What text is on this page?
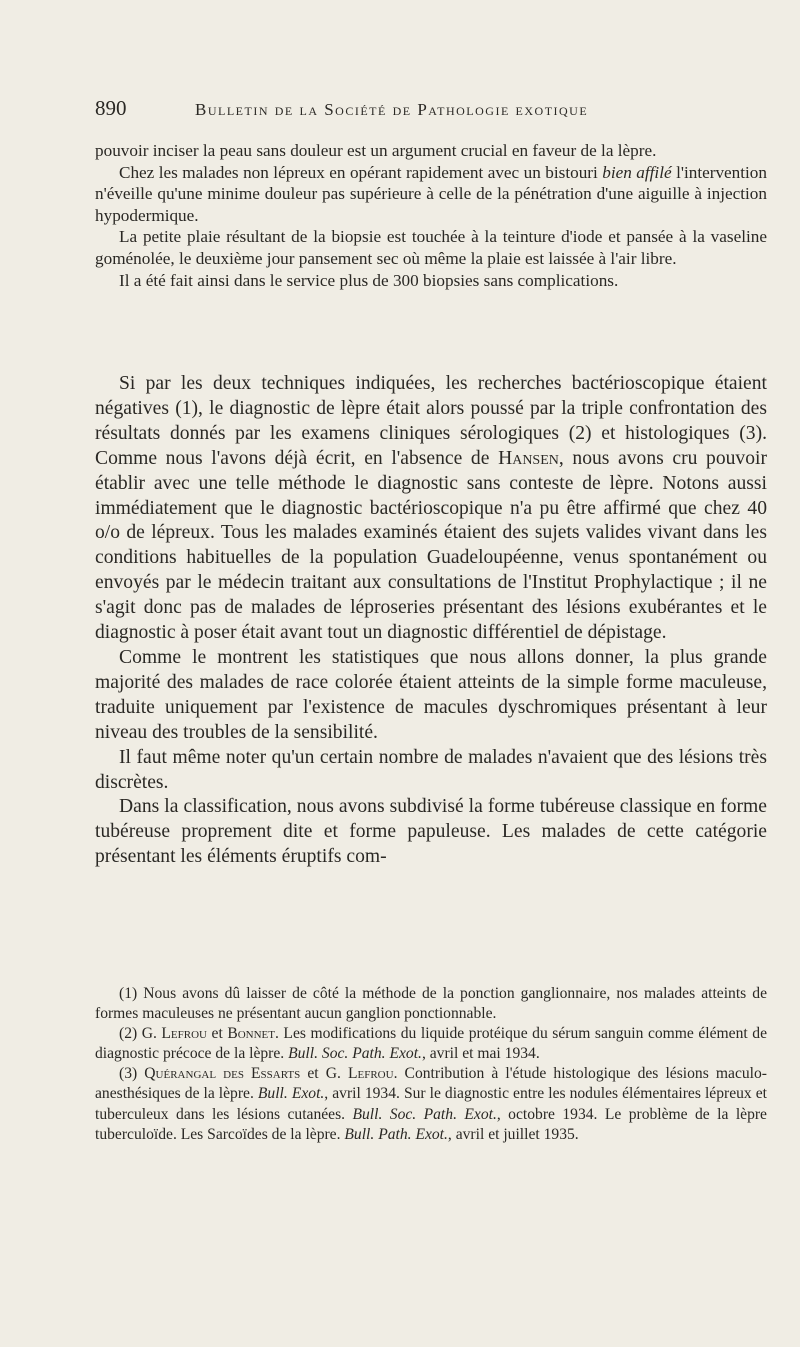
890	Bulletin de la Société de Pathologie exotique

pouvoir inciser la peau sans douleur est un argument crucial en faveur de la lèpre.

Chez les malades non lépreux en opérant rapidement avec un bistouri bien affilé l'intervention n'éveille qu'une minime douleur pas supérieure à celle de la pénétration d'une aiguille à injection hypodermique.

La petite plaie résultant de la biopsie est touchée à la teinture d'iode et pansée à la vaseline goménolée, le deuxième jour pansement sec où même la plaie est laissée à l'air libre.

Il a été fait ainsi dans le service plus de 300 biopsies sans complications.

Si par les deux techniques indiquées, les recherches bactérioscopique étaient négatives (1), le diagnostic de lèpre était alors poussé par la triple confrontation des résultats donnés par les examens cliniques sérologiques (2) et histologiques (3). Comme nous l'avons déjà écrit, en l'absence de Hansen, nous avons cru pouvoir établir avec une telle méthode le diagnostic sans conteste de lèpre. Notons aussi immédiatement que le diagnostic bactérioscopique n'a pu être affirmé que chez 40 o/o de lépreux. Tous les malades examinés étaient des sujets valides vivant dans les conditions habituelles de la population Guadeloupéenne, venus spontanément ou envoyés par le médecin traitant aux consultations de l'Institut Prophylactique ; il ne s'agit donc pas de malades de léproseries présentant des lésions exubérantes et le diagnostic à poser était avant tout un diagnostic différentiel de dépistage.

Comme le montrent les statistiques que nous allons donner, la plus grande majorité des malades de race colorée étaient atteints de la simple forme maculeuse, traduite uniquement par l'existence de macules dyschromiques présentant à leur niveau des troubles de la sensibilité.

Il faut même noter qu'un certain nombre de malades n'avaient que des lésions très discrètes.

Dans la classification, nous avons subdivisé la forme tubéreuse classique en forme tubéreuse proprement dite et forme papuleuse. Les malades de cette catégorie présentant les éléments éruptifs com-

(1) Nous avons dû laisser de côté la méthode de la ponction ganglionnaire, nos malades atteints de formes maculeuses ne présentant aucun ganglion ponctionnable.

(2) G. Lefrou et Bonnet. Les modifications du liquide protéique du sérum sanguin comme élément de diagnostic précoce de la lèpre. Bull. Soc. Path. Exot., avril et mai 1934.

(3) Quérangal des Essarts et G. Lefrou. Contribution à l'étude histologique des lésions maculo-anesthésiques de la lèpre. Bull. Exot., avril 1934. Sur le diagnostic entre les nodules élémentaires lépreux et tuberculeux dans les lésions cutanées. Bull. Soc. Path. Exot., octobre 1934. Le problème de la lèpre tuberculoïde. Les Sarcoïdes de la lèpre. Bull. Path. Exot., avril et juillet 1935.
